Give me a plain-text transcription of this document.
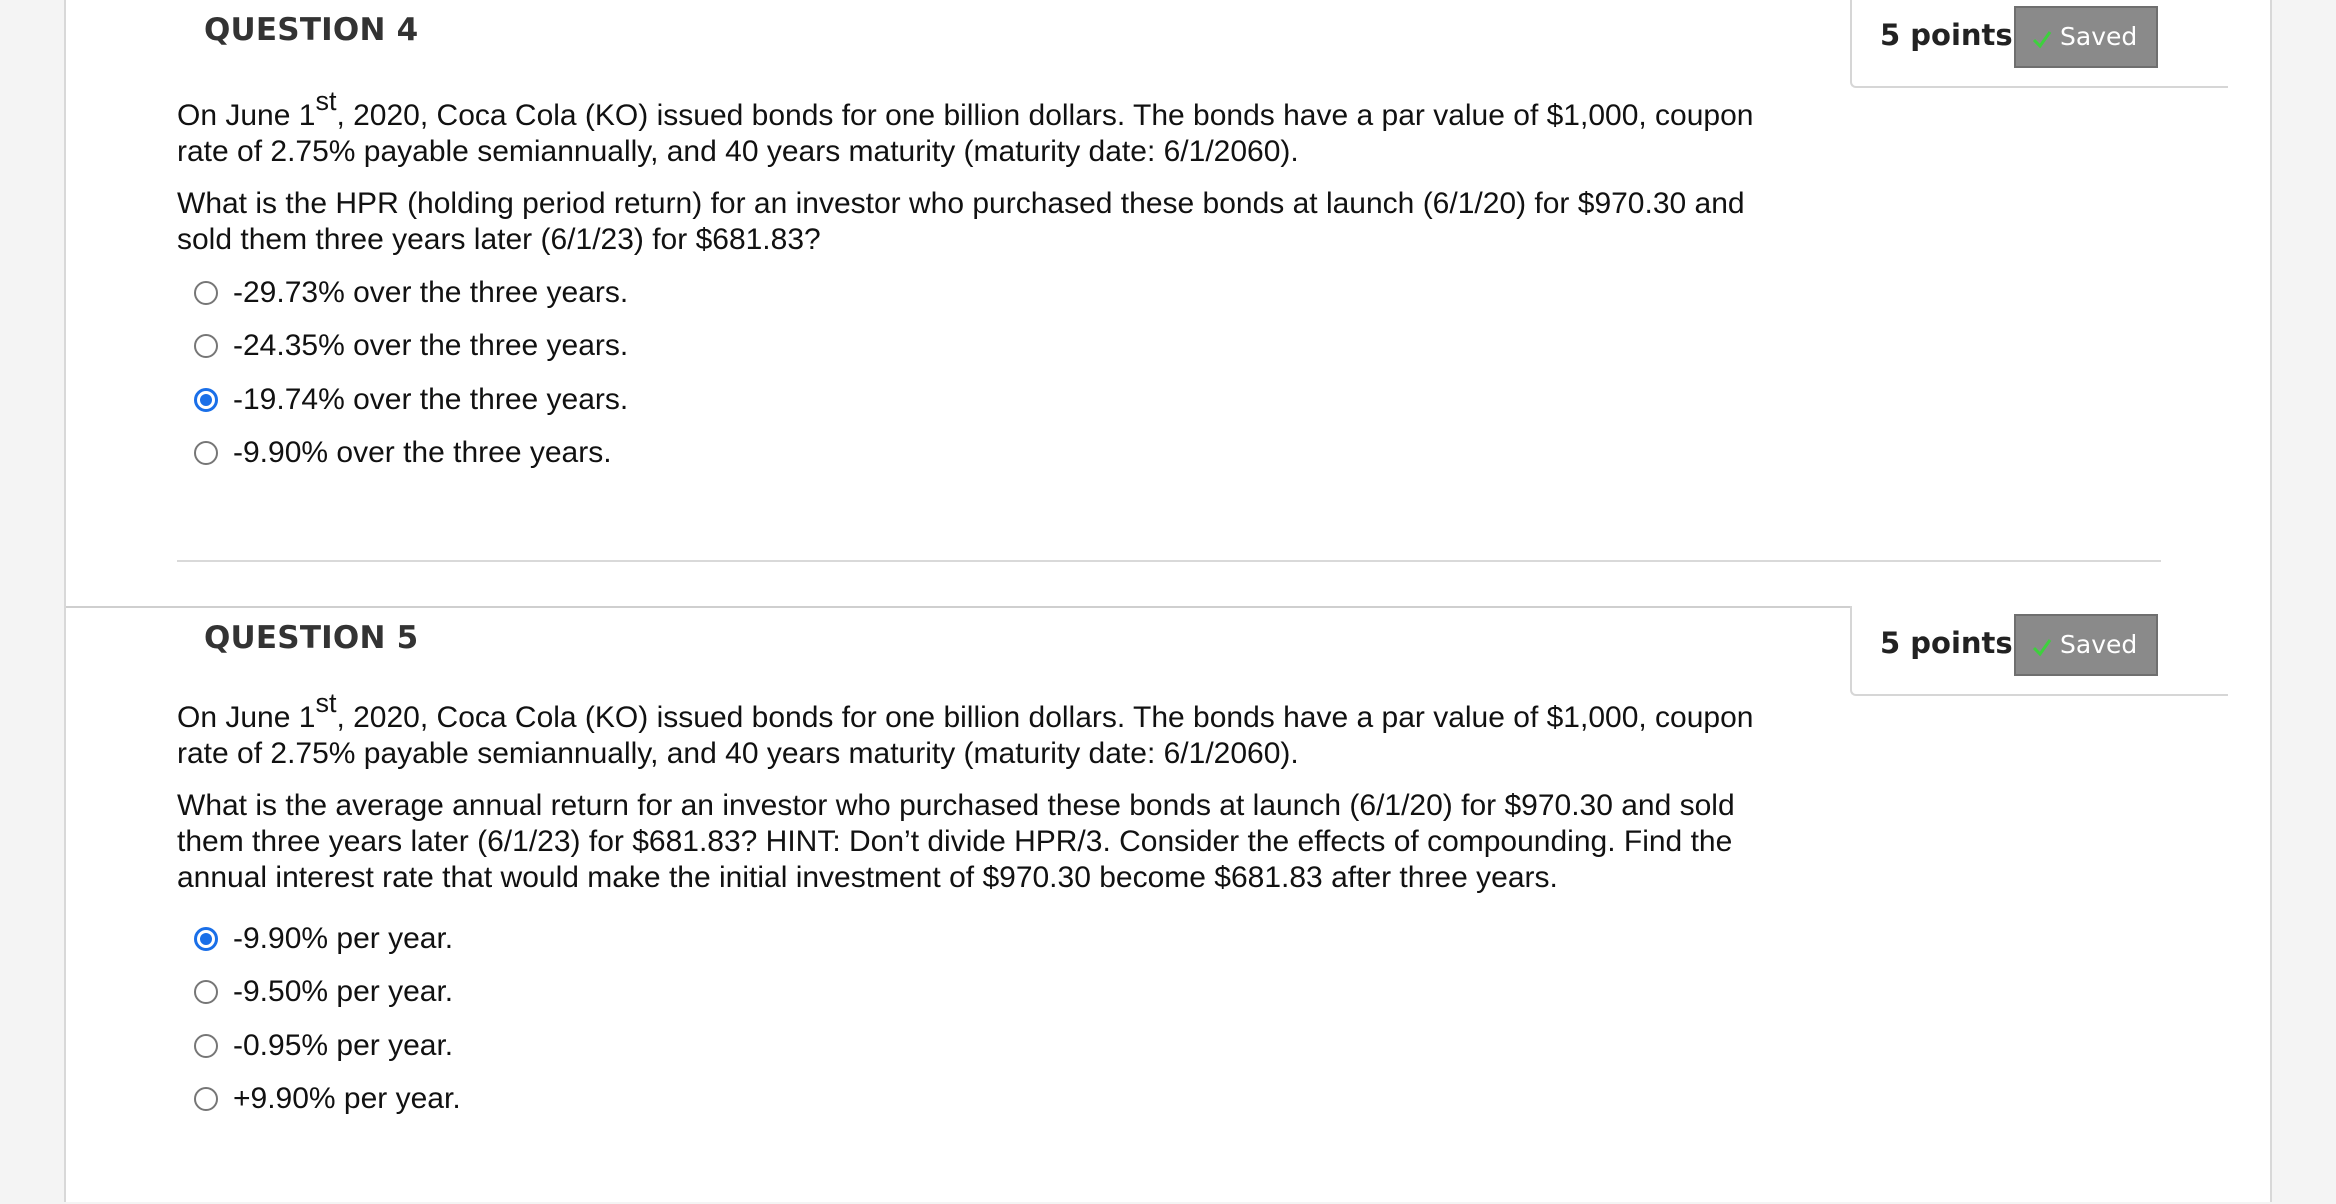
QUESTION 4	5 points Saved

On June 1st, 2020, Coca Cola (KO) issued bonds for one billion dollars. The bonds have a par value of $1,000, coupon rate of 2.75% payable semiannually, and 40 years maturity (maturity date: 6/1/2060).

What is the HPR (holding period return) for an investor who purchased these bonds at launch (6/1/20) for $970.30 and sold them three years later (6/1/23) for $681.83?

-29.73% over the three years.
-24.35% over the three years.
-19.74% over the three years.
-9.90% over the three years.
QUESTION 5	5 points Saved

On June 1st, 2020, Coca Cola (KO) issued bonds for one billion dollars. The bonds have a par value of $1,000, coupon rate of 2.75% payable semiannually, and 40 years maturity (maturity date: 6/1/2060).

What is the average annual return for an investor who purchased these bonds at launch (6/1/20) for $970.30 and sold them three years later (6/1/23) for $681.83? HINT: Don’t divide HPR/3. Consider the effects of compounding. Find the annual interest rate that would make the initial investment of $970.30 become $681.83 after three years.

-9.90% per year.
-9.50% per year.
-0.95% per year.
+9.90% per year.
